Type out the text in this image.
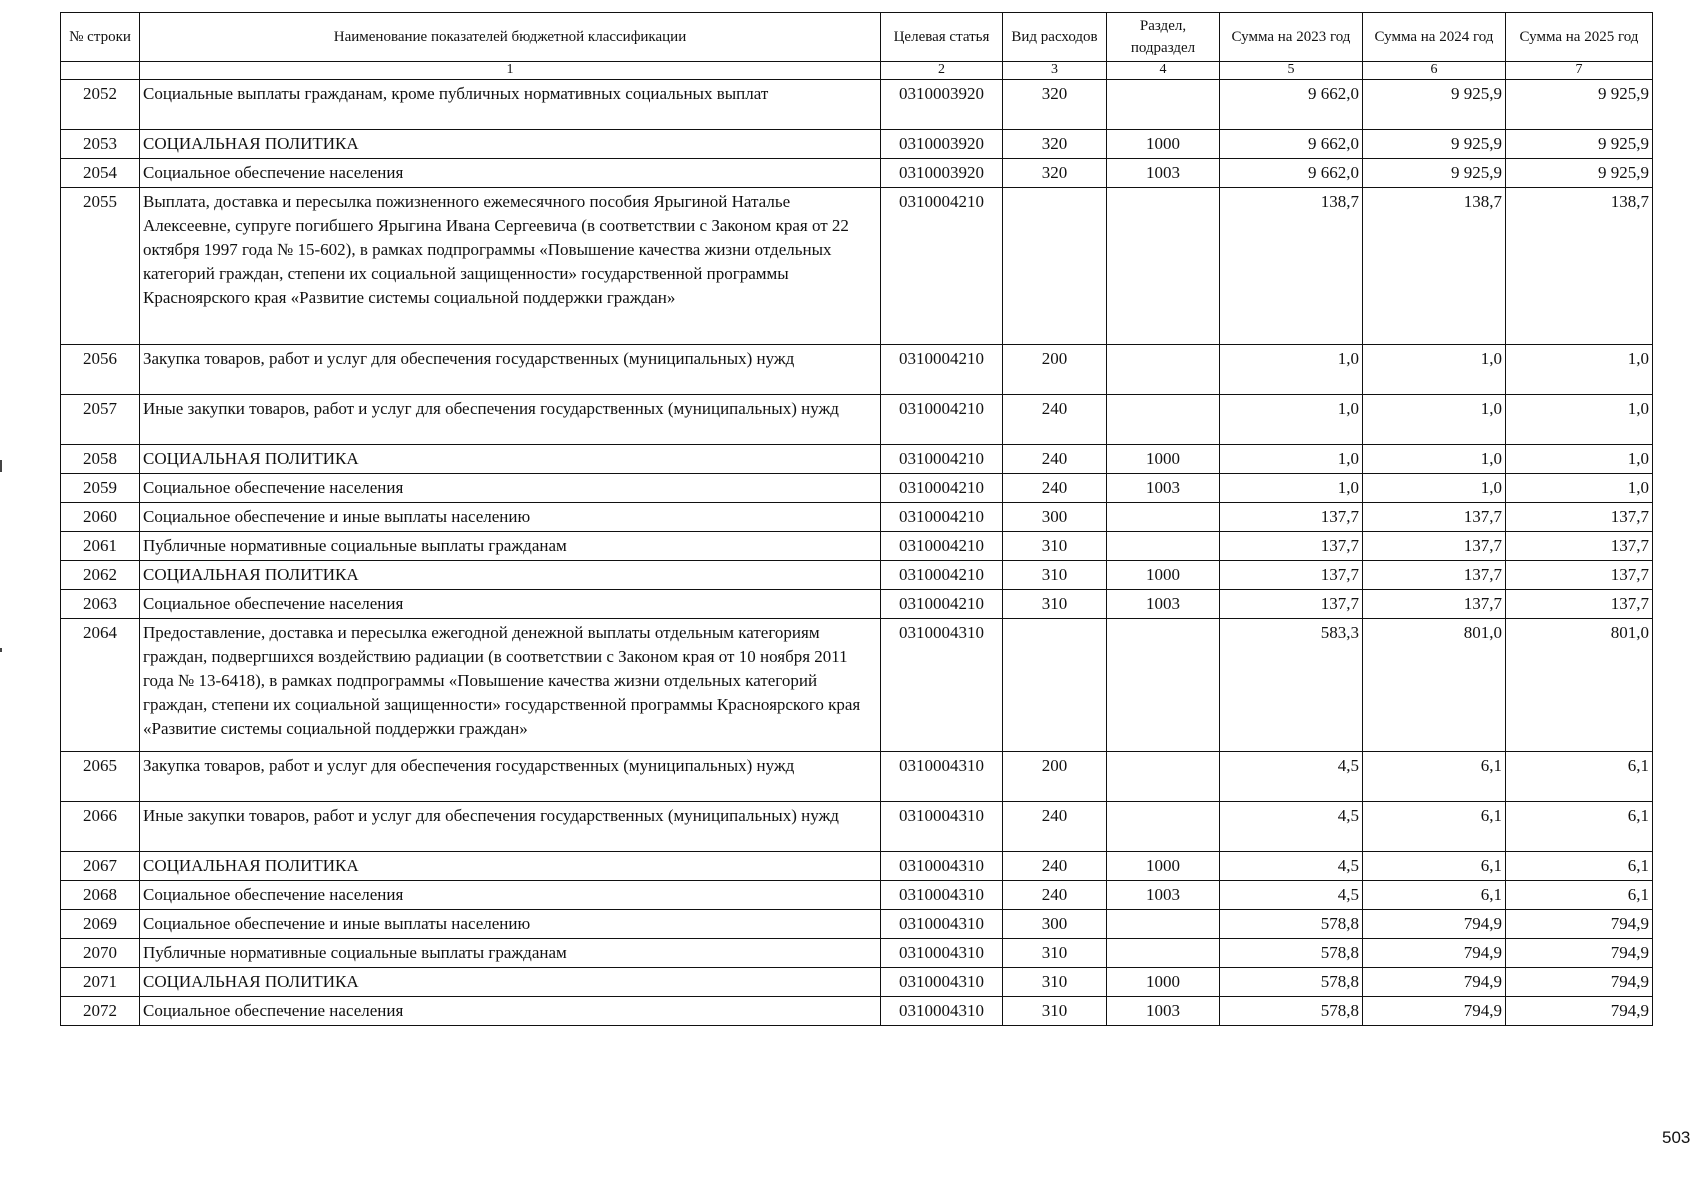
№ строки	Наименование показателей бюджетной классификации	Целевая статья	Вид расходов	Раздел, подраздел	Сумма на 2023 год	Сумма на 2024 год	Сумма на 2025 год
	1	2	3	4	5	6	7
2052	Социальные выплаты гражданам, кроме публичных нормативных социальных выплат	0310003920	320		9 662,0	9 925,9	9 925,9
2053	СОЦИАЛЬНАЯ ПОЛИТИКА	0310003920	320	1000	9 662,0	9 925,9	9 925,9
2054	Социальное обеспечение населения	0310003920	320	1003	9 662,0	9 925,9	9 925,9
2055	Выплата, доставка и пересылка пожизненного ежемесячного пособия Ярыгиной Наталье Алексеевне, супруге погибшего Ярыгина Ивана Сергеевича (в соответствии с Законом края от 22 октября 1997 года № 15-602), в рамках подпрограммы «Повышение качества жизни отдельных категорий граждан, степени их социальной защищенности» государственной программы Красноярского края «Развитие системы социальной поддержки граждан»	0310004210			138,7	138,7	138,7
2056	Закупка товаров, работ и услуг для обеспечения государственных (муниципальных) нужд	0310004210	200		1,0	1,0	1,0
2057	Иные закупки товаров, работ и услуг для обеспечения государственных (муниципальных) нужд	0310004210	240		1,0	1,0	1,0
2058	СОЦИАЛЬНАЯ ПОЛИТИКА	0310004210	240	1000	1,0	1,0	1,0
2059	Социальное обеспечение населения	0310004210	240	1003	1,0	1,0	1,0
2060	Социальное обеспечение и иные выплаты населению	0310004210	300		137,7	137,7	137,7
2061	Публичные нормативные социальные выплаты гражданам	0310004210	310		137,7	137,7	137,7
2062	СОЦИАЛЬНАЯ ПОЛИТИКА	0310004210	310	1000	137,7	137,7	137,7
2063	Социальное обеспечение населения	0310004210	310	1003	137,7	137,7	137,7
2064	Предоставление, доставка и пересылка ежегодной денежной выплаты отдельным категориям граждан, подвергшихся воздействию радиации (в соответствии с Законом края от 10 ноября 2011 года № 13-6418), в рамках подпрограммы «Повышение качества жизни отдельных категорий граждан, степени их социальной защищенности» государственной программы Красноярского края «Развитие системы социальной поддержки граждан»	0310004310			583,3	801,0	801,0
2065	Закупка товаров, работ и услуг для обеспечения государственных (муниципальных) нужд	0310004310	200		4,5	6,1	6,1
2066	Иные закупки товаров, работ и услуг для обеспечения государственных (муниципальных) нужд	0310004310	240		4,5	6,1	6,1
2067	СОЦИАЛЬНАЯ ПОЛИТИКА	0310004310	240	1000	4,5	6,1	6,1
2068	Социальное обеспечение населения	0310004310	240	1003	4,5	6,1	6,1
2069	Социальное обеспечение и иные выплаты населению	0310004310	300		578,8	794,9	794,9
2070	Публичные нормативные социальные выплаты гражданам	0310004310	310		578,8	794,9	794,9
2071	СОЦИАЛЬНАЯ ПОЛИТИКА	0310004310	310	1000	578,8	794,9	794,9
2072	Социальное обеспечение населения	0310004310	310	1003	578,8	794,9	794,9
503
